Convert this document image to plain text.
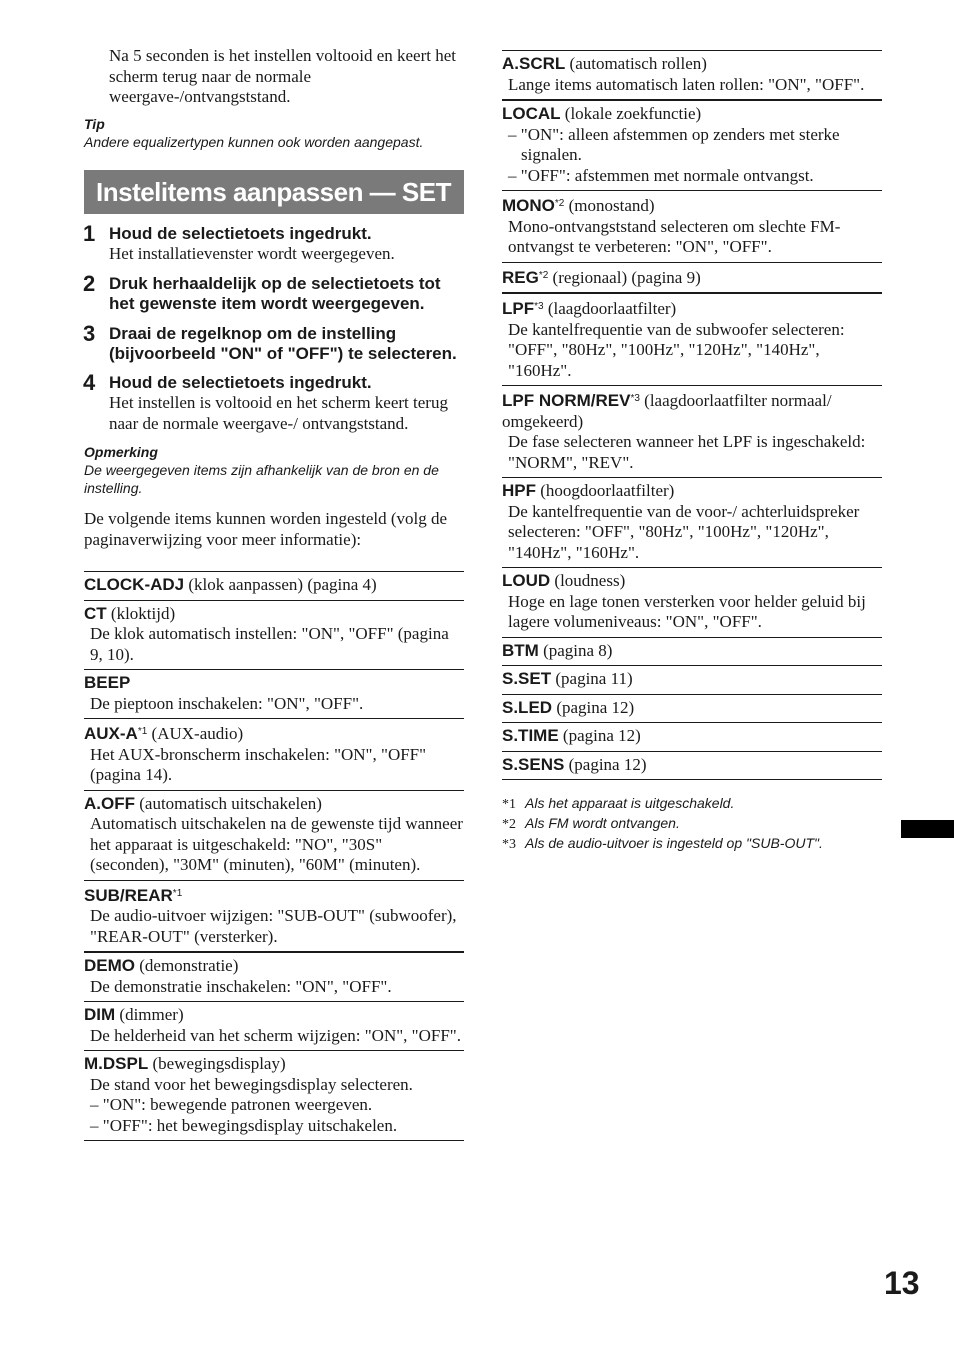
Na 5 seconden is het instellen voltooid en keert het scherm terug naar de normale weergave-/ontvangststand.
Tip
Andere equalizertypen kunnen ook worden aangepast.
Instelitems aanpassen — SET
1 Houd de selectietoets ingedrukt.
Het installatievenster wordt weergegeven.
2 Druk herhaaldelijk op de selectietoets tot het gewenste item wordt weergegeven.
3 Draai de regelknop om de instelling (bijvoorbeeld "ON" of "OFF") te selecteren.
4 Houd de selectietoets ingedrukt.
Het instellen is voltooid en het scherm keert terug naar de normale weergave-/ ontvangststand.
Opmerking
De weergegeven items zijn afhankelijk van de bron en de instelling.
De volgende items kunnen worden ingesteld (volg de paginaverwijzing voor meer informatie):
CLOCK-ADJ (klok aanpassen) (pagina 4)
CT (kloktijd)
De klok automatisch instellen: "ON", "OFF" (pagina 9, 10).
BEEP
De pieptoon inschakelen: "ON", "OFF".
AUX-$A^{*1}$ (AUX-audio)
Het AUX-bronscherm inschakelen: "ON", "OFF" (pagina 14).
A.OFF (automatisch uitschakelen)
Automatisch uitschakelen na de gewenste tijd wanneer het apparaat is uitgeschakeld: "NO", "30S" (seconden), "30M" (minuten), "60M" (minuten).
SUB/REAR$^{*1}$
De audio-uitvoer wijzigen: "SUB-OUT" (subwoofer), "REAR-OUT" (versterker).
DEMO (demonstratie)
De demonstratie inschakelen: "ON", "OFF".
DIM (dimmer)
De helderheid van het scherm wijzigen: "ON", "OFF".
M.DSPL (bewegingsdisplay)
De stand voor het bewegingsdisplay selecteren.
– "ON": bewegende patronen weergeven.
– "OFF": het bewegingsdisplay uitschakelen.
A.SCRL (automatisch rollen)
Lange items automatisch laten rollen: "ON", "OFF".
LOCAL (lokale zoekfunctie)
– "ON": alleen afstemmen op zenders met sterke signalen.
– "OFF": afstemmen met normale ontvangst.
MONO$^{*2}$ (monostand)
Mono-ontvangststand selecteren om slechte FM-ontvangst te verbeteren: "ON", "OFF".
REG$^{*2}$ (regionaal) (pagina 9)
LPF$^{*3}$ (laagdoorlaatfilter)
De kantelfrequentie van de subwoofer selecteren: "OFF", "80Hz", "100Hz", "120Hz", "140Hz", "160Hz".
LPF NORM/REV$^{*3}$ (laagdoorlaatfilter normaal/ omgekeerd)
De fase selecteren wanneer het LPF is ingeschakeld: "NORM", "REV".
HPF (hoogdoorlaatfilter)
De kantelfrequentie van de voor-/ achterluidspreker selecteren: "OFF", "80Hz", "100Hz", "120Hz", "140Hz", "160Hz".
LOUD (loudness)
Hoge en lage tonen versterken voor helder geluid bij lagere volumeniveaus: "ON", "OFF".
BTM (pagina 8)
S.SET (pagina 11)
S.LED (pagina 12)
S.TIME (pagina 12)
S.SENS (pagina 12)
*1 Als het apparaat is uitgeschakeld.
*2 Als FM wordt ontvangen.
*3 Als de audio-uitvoer is ingesteld op "SUB-OUT".
13
